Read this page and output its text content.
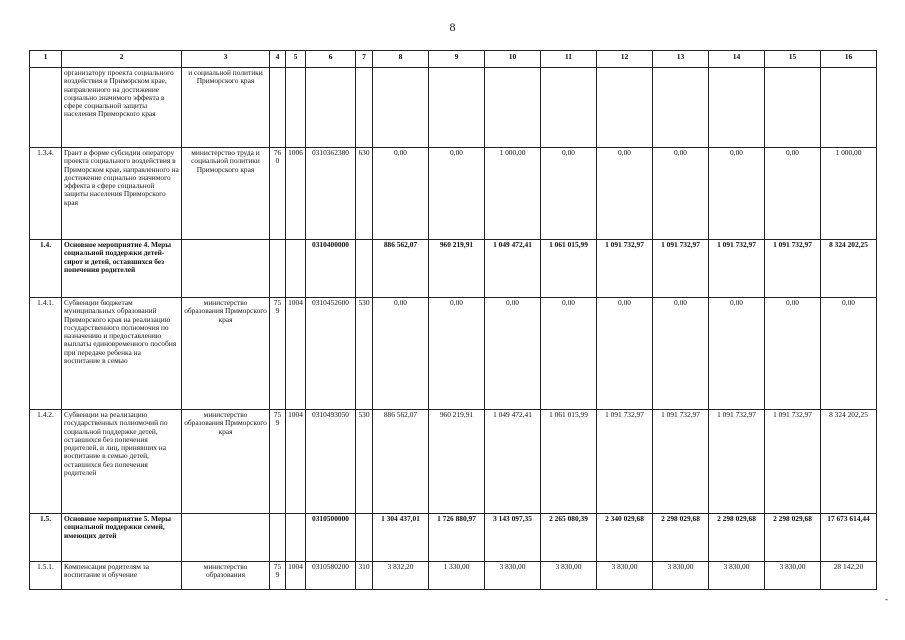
8
1	2	3	4	5	6	7	8	9	10	11	12	13	14	15	16
	организатору проекта социального воздействия в Приморском крае, направленного на достижение социально значимого эффекта в сфере социальной защиты населения Приморского края	и социальной политики Приморского края													
1.3.4.	Грант в форме субсидии оператору проекта социального воздействия в Приморском крае, направленного на достижение социально значимого эффекта в сфере социальной защиты населения Приморского края	министерство труда и социальной политики Приморского края	760	1006	0310362380	630	0,00	0,00	1 000,00	0,00	0,00	0,00	0,00	0,00	1 000,00
1.4.	Основное мероприятие 4. Меры социальной поддержки детей-сирот и детей, оставшихся без попечения родителей				0310400000		886 562,07	960 219,91	1 049 472,41	1 061 015,99	1 091 732,97	1 091 732,97	1 091 732,97	1 091 732,97	8 324 202,25
1.4.1.	Субвенции бюджетам муниципальных образований Приморского края на реализацию государственного полномочия по назначению и предоставлению выплаты единовременного пособия при передаче ребенка на воспитание в семью	министерство образования Приморского края	759	1004	0310452600	530	0,00	0,00	0,00	0,00	0,00	0,00	0,00	0,00	0,00
1.4.2.	Субвенции на реализацию государственных полномочий по социальной поддержке детей, оставшихся без попечения родителей, и лиц, принявших на воспитание в семью детей, оставшихся без попечения родителей	министерство образования Приморского края	759	1004	0310493050	530	886 562,07	960 219,91	1 049 472,41	1 061 015,99	1 091 732,97	1 091 732,97	1 091 732,97	1 091 732,97	8 324 202,25
1.5.	Основное мероприятие 5. Меры социальной поддержки семей, имеющих детей				0310500000		1 304 437,01	1 726 880,97	3 143 097,35	2 265 080,39	2 340 029,68	2 298 029,68	2 298 029,68	2 298 029,68	17 673 614,44
1.5.1.	Компенсация родителям за воспитание и обучение	министерство образования	759	1004	0310580200	310	3 832,20	1 330,00	3 830,00	3 830,00	3 830,00	3 830,00	3 830,00	3 830,00	28 142,20
-
